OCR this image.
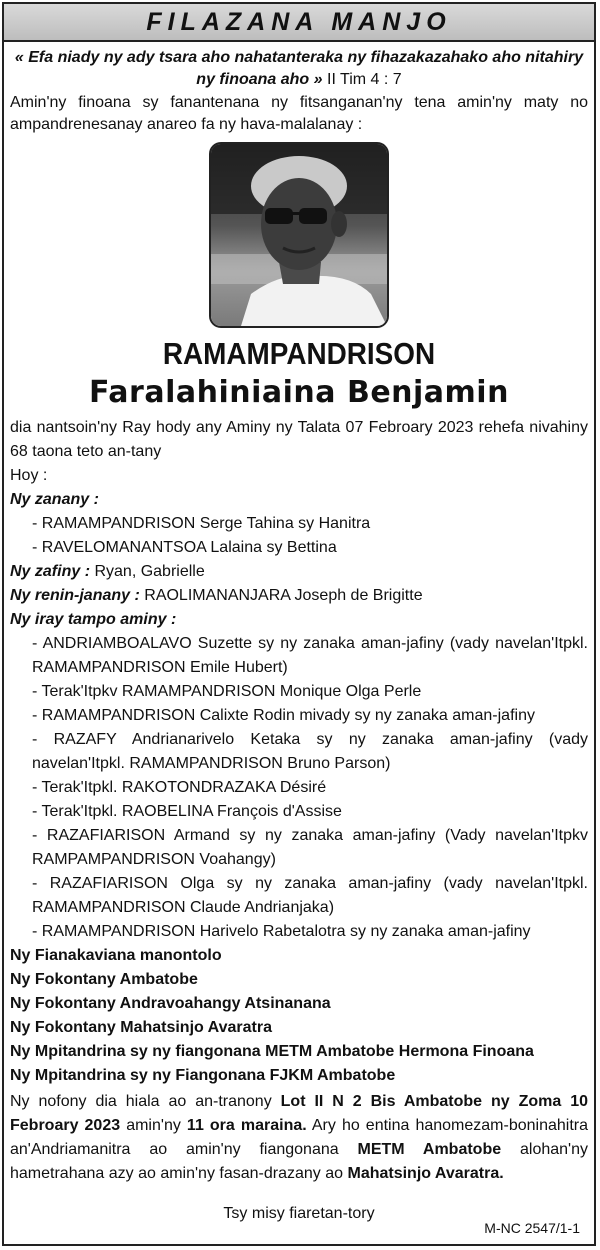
FILAZANA MANJO
« Efa niady ny ady tsara aho nahatanteraka ny fihazakazahako aho nitahiry ny finoana aho » II Tim 4 : 7
Amin'ny finoana sy fanantenana ny fitsanganan'ny tena amin'ny maty no ampandrenesanay anareo fa ny hava-malalanay :
RAMAMPANDRISON
Faralahiniaina Benjamin

dia nantsoin'ny Ray hody any Aminy ny Talata 07 Febroary 2023 rehefa nivahiny 68 taona teto an-tany

Hoy :

Ny zanany :

- RAMAMPANDRISON Serge Tahina sy Hanitra

- RAVELOMANANTSOA Lalaina sy Bettina

Ny zafiny : Ryan, Gabrielle

Ny renin-janany : RAOLIMANANJARA Joseph de Brigitte

Ny iray tampo aminy :

- ANDRIAMBOALAVO Suzette sy ny zanaka aman-jafiny (vady navelan'Itpkl. RAMAMPANDRISON Emile Hubert)

- Terak'Itpkv RAMAMPANDRISON Monique Olga Perle

- RAMAMPANDRISON Calixte Rodin mivady sy ny zanaka aman-jafiny

- RAZAFY Andrianarivelo Ketaka sy ny zanaka aman-jafiny (vady navelan'Itpkl. RAMAMPANDRISON Bruno Parson)

- Terak'Itpkl. RAKOTONDRAZAKA Désiré

- Terak'Itpkl. RAOBELINA François d'Assise

- RAZAFIARISON Armand sy ny zanaka aman-jafiny (Vady navelan'Itpkv RAMPAMPANDRISON Voahangy)

- RAZAFIARISON Olga sy ny zanaka aman-jafiny (vady navelan'Itpkl. RAMAMPANDRISON Claude Andrianjaka)

- RAMAMPANDRISON Harivelo Rabetalotra sy ny zanaka aman-jafiny

Ny Fianakaviana manontolo

Ny Fokontany Ambatobe

Ny Fokontany Andravoahangy Atsinanana

Ny Fokontany Mahatsinjo Avaratra

Ny Mpitandrina sy ny fiangonana METM Ambatobe Hermona Finoana

Ny Mpitandrina sy ny Fiangonana FJKM Ambatobe

Ny nofony dia hiala ao an-tranony Lot II N 2 Bis Ambatobe ny Zoma 10 Febroary 2023 amin'ny 11 ora maraina. Ary ho entina hanomezam-boninahitra an'Andriamanitra ao amin'ny fiangonana METM Ambatobe alohan'ny hametrahana azy ao amin'ny fasan-drazany ao Mahatsinjo Avaratra.

Tsy misy fiaretan-tory
M-NC 2547/1-1
